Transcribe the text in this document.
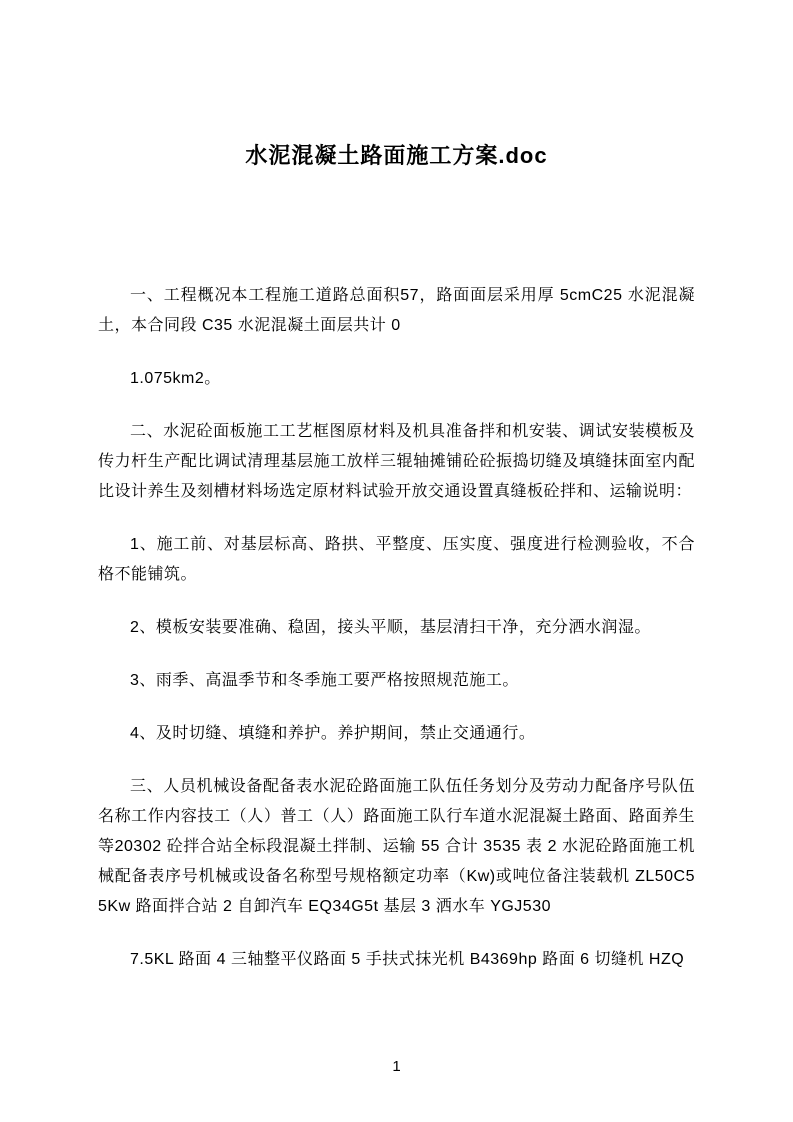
水泥混凝土路面施工方案.doc

一、工程概况本工程施工道路总面积57，路面面层采用厚 5cmC25 水泥混凝土，本合同段 C35 水泥混凝土面层共计 0

1.075km2。

二、水泥砼面板施工工艺框图原材料及机具准备拌和机安装、调试安装模板及传力杆生产配比调试清理基层施工放样三辊轴摊铺砼砼振捣切缝及填缝抹面室内配比设计养生及刻槽材料场选定原材料试验开放交通设置真缝板砼拌和、运输说明：

1、施工前、对基层标高、路拱、平整度、压实度、强度进行检测验收，不合格不能铺筑。

2、模板安装要准确、稳固，接头平顺，基层清扫干净，充分洒水润湿。

3、雨季、高温季节和冬季施工要严格按照规范施工。

4、及时切缝、填缝和养护。养护期间，禁止交通通行。

三、人员机械设备配备表水泥砼路面施工队伍任务划分及劳动力配备序号队伍名称工作内容技工（人）普工（人）路面施工队行车道水泥混凝土路面、路面养生等20302 砼拌合站全标段混凝土拌制、运输 55 合计 3535 表 2 水泥砼路面施工机械配备表序号机械或设备名称型号规格额定功率（Kw)或吨位备注装载机 ZL50C55Kw 路面拌合站 2 自卸汽车 EQ34G5t 基层 3 洒水车 YGJ530

7.5KL 路面 4 三轴整平仪路面 5 手扶式抹光机 B4369hp 路面 6 切缝机 HZQ

1
